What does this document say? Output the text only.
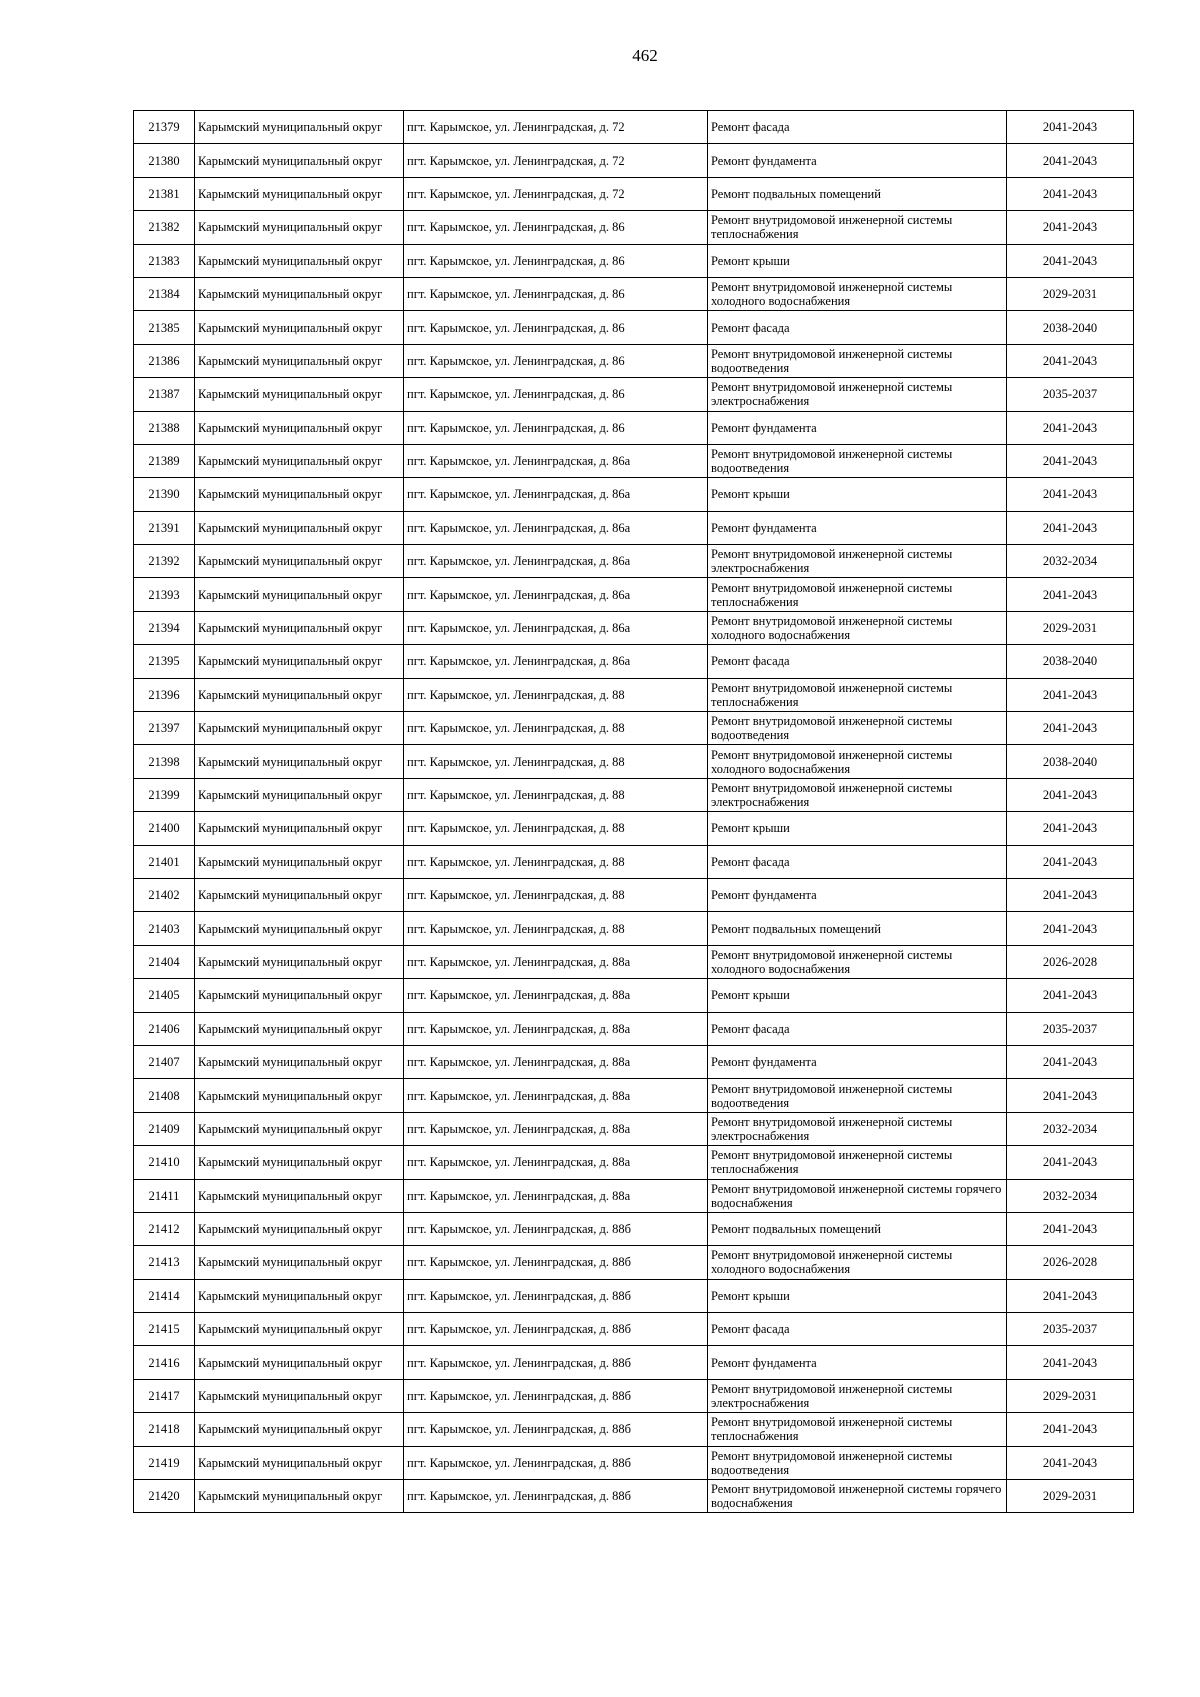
462
21379	Карымский муниципальный округ	пгт. Карымское, ул. Ленинградская, д. 72	Ремонт фасада	2041-2043
21380	Карымский муниципальный округ	пгт. Карымское, ул. Ленинградская, д. 72	Ремонт фундамента	2041-2043
21381	Карымский муниципальный округ	пгт. Карымское, ул. Ленинградская, д. 72	Ремонт подвальных помещений	2041-2043
21382	Карымский муниципальный округ	пгт. Карымское, ул. Ленинградская, д. 86	Ремонт внутридомовой инженерной системы теплоснабжения	2041-2043
21383	Карымский муниципальный округ	пгт. Карымское, ул. Ленинградская, д. 86	Ремонт крыши	2041-2043
21384	Карымский муниципальный округ	пгт. Карымское, ул. Ленинградская, д. 86	Ремонт внутридомовой инженерной системы холодного водоснабжения	2029-2031
21385	Карымский муниципальный округ	пгт. Карымское, ул. Ленинградская, д. 86	Ремонт фасада	2038-2040
21386	Карымский муниципальный округ	пгт. Карымское, ул. Ленинградская, д. 86	Ремонт внутридомовой инженерной системы водоотведения	2041-2043
21387	Карымский муниципальный округ	пгт. Карымское, ул. Ленинградская, д. 86	Ремонт внутридомовой инженерной системы электроснабжения	2035-2037
21388	Карымский муниципальный округ	пгт. Карымское, ул. Ленинградская, д. 86	Ремонт фундамента	2041-2043
21389	Карымский муниципальный округ	пгт. Карымское, ул. Ленинградская, д. 86а	Ремонт внутридомовой инженерной системы водоотведения	2041-2043
21390	Карымский муниципальный округ	пгт. Карымское, ул. Ленинградская, д. 86а	Ремонт крыши	2041-2043
21391	Карымский муниципальный округ	пгт. Карымское, ул. Ленинградская, д. 86а	Ремонт фундамента	2041-2043
21392	Карымский муниципальный округ	пгт. Карымское, ул. Ленинградская, д. 86а	Ремонт внутридомовой инженерной системы электроснабжения	2032-2034
21393	Карымский муниципальный округ	пгт. Карымское, ул. Ленинградская, д. 86а	Ремонт внутридомовой инженерной системы теплоснабжения	2041-2043
21394	Карымский муниципальный округ	пгт. Карымское, ул. Ленинградская, д. 86а	Ремонт внутридомовой инженерной системы холодного водоснабжения	2029-2031
21395	Карымский муниципальный округ	пгт. Карымское, ул. Ленинградская, д. 86а	Ремонт фасада	2038-2040
21396	Карымский муниципальный округ	пгт. Карымское, ул. Ленинградская, д. 88	Ремонт внутридомовой инженерной системы теплоснабжения	2041-2043
21397	Карымский муниципальный округ	пгт. Карымское, ул. Ленинградская, д. 88	Ремонт внутридомовой инженерной системы водоотведения	2041-2043
21398	Карымский муниципальный округ	пгт. Карымское, ул. Ленинградская, д. 88	Ремонт внутридомовой инженерной системы холодного водоснабжения	2038-2040
21399	Карымский муниципальный округ	пгт. Карымское, ул. Ленинградская, д. 88	Ремонт внутридомовой инженерной системы электроснабжения	2041-2043
21400	Карымский муниципальный округ	пгт. Карымское, ул. Ленинградская, д. 88	Ремонт крыши	2041-2043
21401	Карымский муниципальный округ	пгт. Карымское, ул. Ленинградская, д. 88	Ремонт фасада	2041-2043
21402	Карымский муниципальный округ	пгт. Карымское, ул. Ленинградская, д. 88	Ремонт фундамента	2041-2043
21403	Карымский муниципальный округ	пгт. Карымское, ул. Ленинградская, д. 88	Ремонт подвальных помещений	2041-2043
21404	Карымский муниципальный округ	пгт. Карымское, ул. Ленинградская, д. 88а	Ремонт внутридомовой инженерной системы холодного водоснабжения	2026-2028
21405	Карымский муниципальный округ	пгт. Карымское, ул. Ленинградская, д. 88а	Ремонт крыши	2041-2043
21406	Карымский муниципальный округ	пгт. Карымское, ул. Ленинградская, д. 88а	Ремонт фасада	2035-2037
21407	Карымский муниципальный округ	пгт. Карымское, ул. Ленинградская, д. 88а	Ремонт фундамента	2041-2043
21408	Карымский муниципальный округ	пгт. Карымское, ул. Ленинградская, д. 88а	Ремонт внутридомовой инженерной системы водоотведения	2041-2043
21409	Карымский муниципальный округ	пгт. Карымское, ул. Ленинградская, д. 88а	Ремонт внутридомовой инженерной системы электроснабжения	2032-2034
21410	Карымский муниципальный округ	пгт. Карымское, ул. Ленинградская, д. 88а	Ремонт внутридомовой инженерной системы теплоснабжения	2041-2043
21411	Карымский муниципальный округ	пгт. Карымское, ул. Ленинградская, д. 88а	Ремонт внутридомовой инженерной системы горячего водоснабжения	2032-2034
21412	Карымский муниципальный округ	пгт. Карымское, ул. Ленинградская, д. 88б	Ремонт подвальных помещений	2041-2043
21413	Карымский муниципальный округ	пгт. Карымское, ул. Ленинградская, д. 88б	Ремонт внутридомовой инженерной системы холодного водоснабжения	2026-2028
21414	Карымский муниципальный округ	пгт. Карымское, ул. Ленинградская, д. 88б	Ремонт крыши	2041-2043
21415	Карымский муниципальный округ	пгт. Карымское, ул. Ленинградская, д. 88б	Ремонт фасада	2035-2037
21416	Карымский муниципальный округ	пгт. Карымское, ул. Ленинградская, д. 88б	Ремонт фундамента	2041-2043
21417	Карымский муниципальный округ	пгт. Карымское, ул. Ленинградская, д. 88б	Ремонт внутридомовой инженерной системы электроснабжения	2029-2031
21418	Карымский муниципальный округ	пгт. Карымское, ул. Ленинградская, д. 88б	Ремонт внутридомовой инженерной системы теплоснабжения	2041-2043
21419	Карымский муниципальный округ	пгт. Карымское, ул. Ленинградская, д. 88б	Ремонт внутридомовой инженерной системы водоотведения	2041-2043
21420	Карымский муниципальный округ	пгт. Карымское, ул. Ленинградская, д. 88б	Ремонт внутридомовой инженерной системы горячего водоснабжения	2029-2031
